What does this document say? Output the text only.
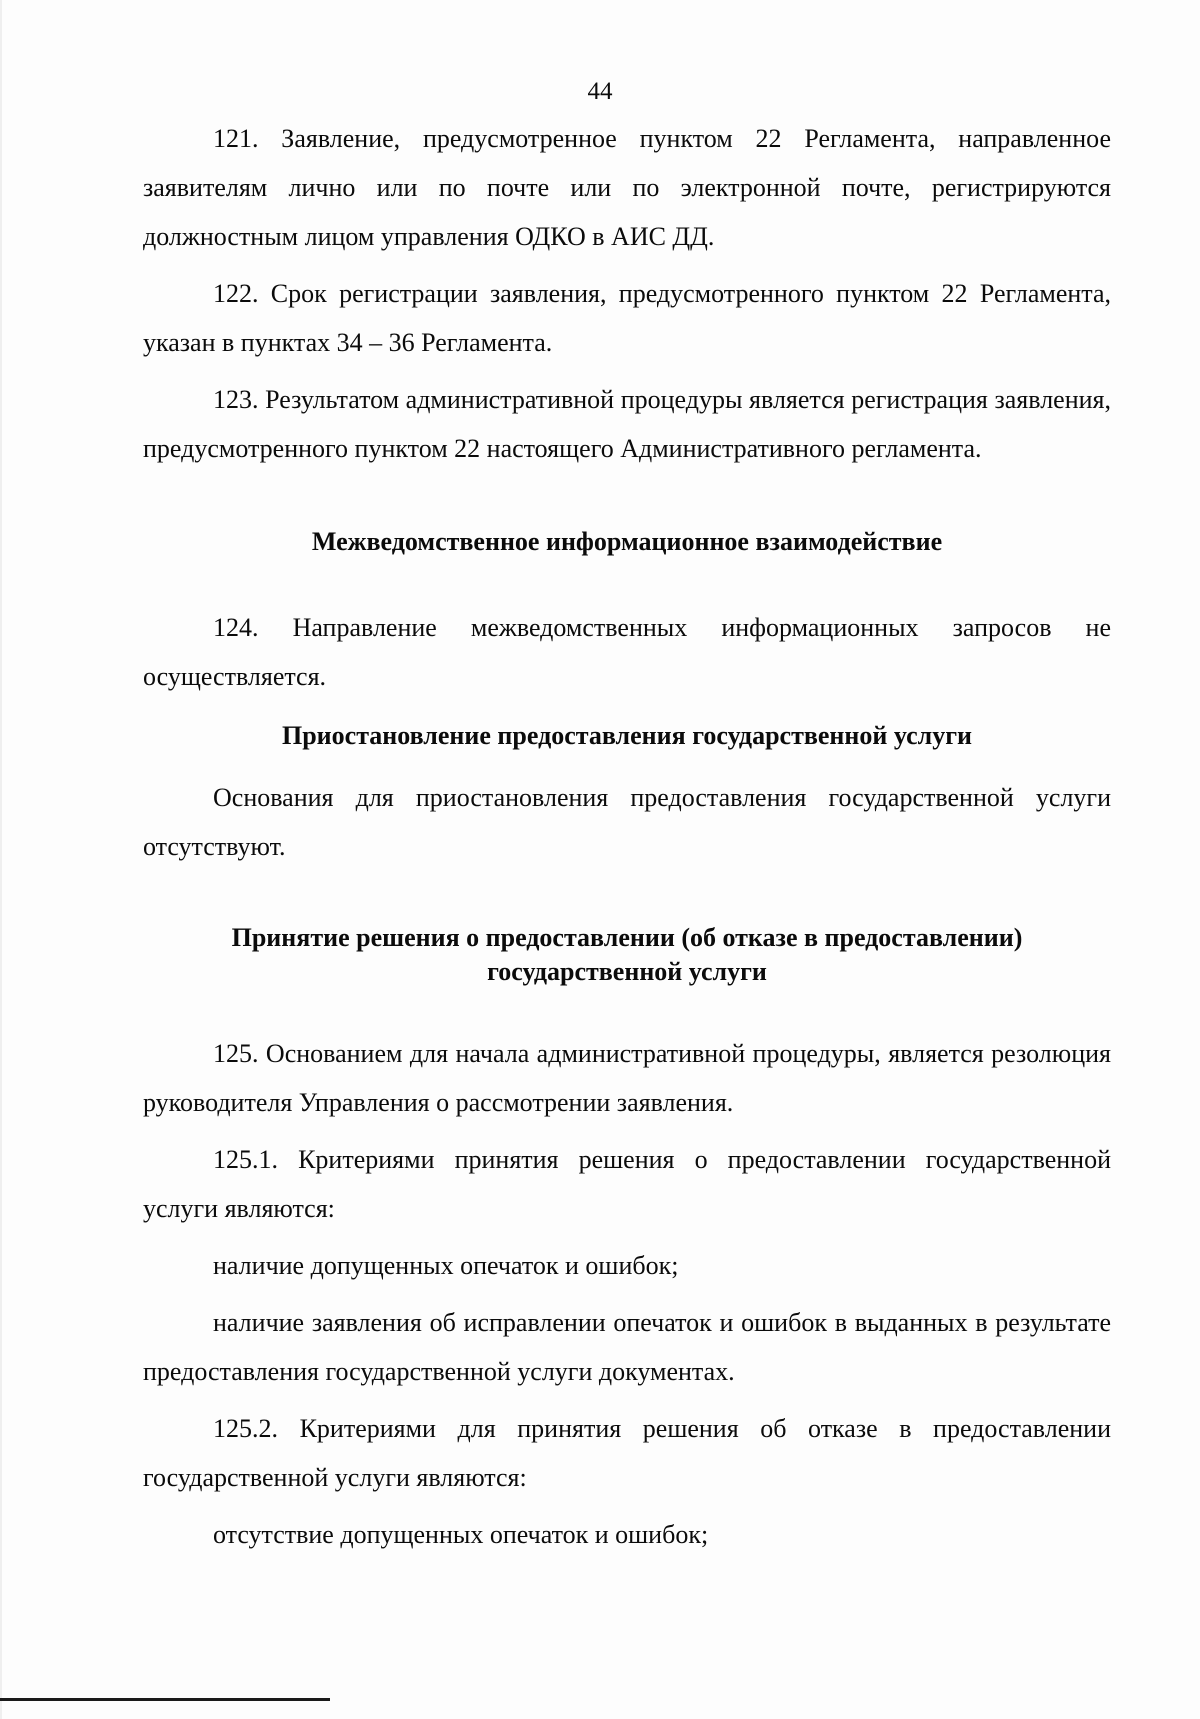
44

121. Заявление, предусмотренное пунктом 22 Регламента, направленное заявителям лично или по почте или по электронной почте, регистрируются должностным лицом управления ОДКО в АИС ДД.

122. Срок регистрации заявления, предусмотренного пунктом 22 Регламента, указан в пунктах 34 – 36 Регламента.

123. Результатом административной процедуры является регистрация заявления, предусмотренного пунктом 22 настоящего Административного регламента.

Межведомственное информационное взаимодействие

124. Направление межведомственных информационных запросов не осуществляется.

Приостановление предоставления государственной услуги

Основания для приостановления предоставления государственной услуги отсутствуют.

Принятие решения о предоставлении (об отказе в предоставлении)
государственной услуги

125. Основанием для начала административной процедуры, является резолюция руководителя Управления о рассмотрении заявления.

125.1. Критериями принятия решения о предоставлении государственной услуги являются:

наличие допущенных опечаток и ошибок;

наличие заявления об исправлении опечаток и ошибок в выданных в результате предоставления государственной услуги документах.

125.2. Критериями для принятия решения об отказе в предоставлении государственной услуги являются:

отсутствие допущенных опечаток и ошибок;
